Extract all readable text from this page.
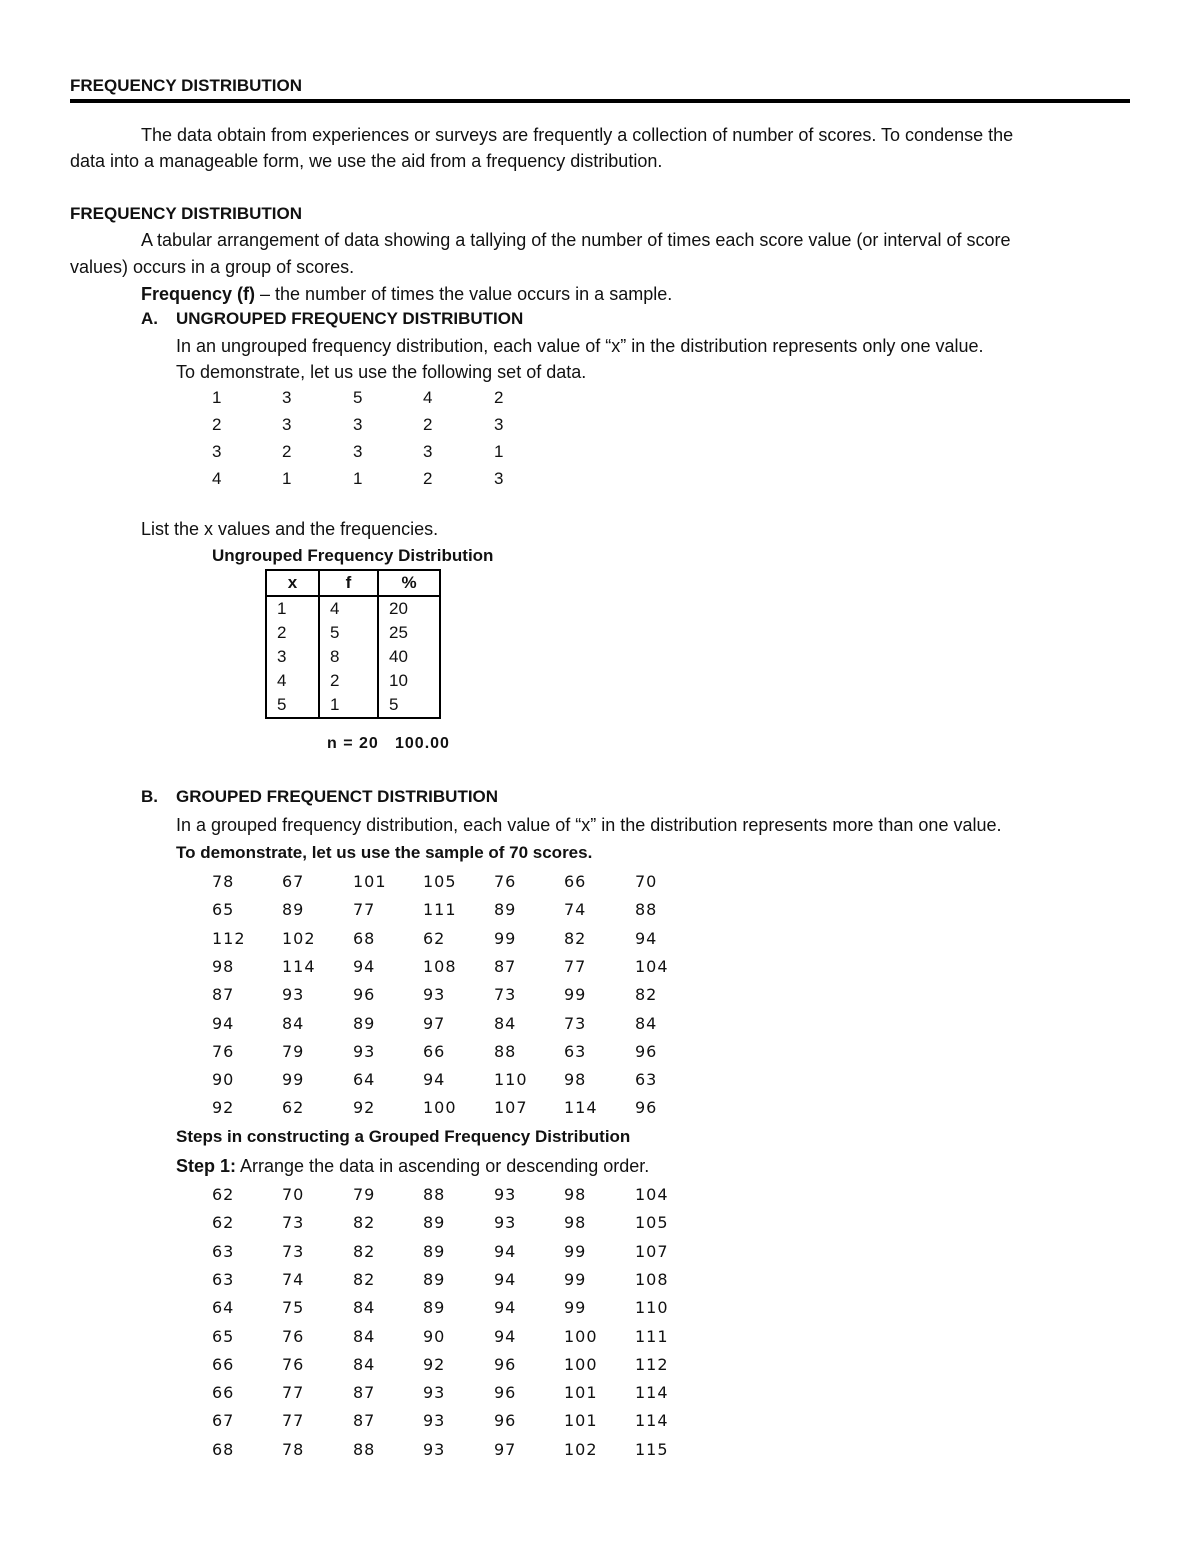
FREQUENCY DISTRIBUTION
The data obtain from experiences or surveys are frequently a collection of number of scores. To condense the
data into a manageable form, we use the aid from a frequency distribution.
FREQUENCY DISTRIBUTION
A tabular arrangement of data showing a tallying of the number of times each score value (or interval of score
values) occurs in a group of scores.
Frequency (f) – the number of times the value occurs in a sample.
A. UNGROUPED FREQUENCY DISTRIBUTION
In an ungrouped frequency distribution, each value of “x” in the distribution represents only one value.
To demonstrate, let us use the following set of data.
1	3	5	4	2
2	3	3	2	3
3	2	3	3	1
4	1	1	2	3
List the x values and the frequencies.
Ungrouped Frequency Distribution
x	f	%
1	4	20
2	5	25
3	8	40
4	2	10
5	1	5
n = 20 100.00
B. GROUPED FREQUENCT DISTRIBUTION
In a grouped frequency distribution, each value of “x” in the distribution represents more than one value.
To demonstrate, let us use the sample of 70 scores.
78	67	101 105 76	66	70
65	89	77	111 89	74	88
112 102 68	62	99	82	94
98	114 94	108 87	77	104
87	93	96	93	73	99	82
94	84	89	97	84	73	84
76	79	93	66	88	63	96
90	99	64	94	110 98	63
92	62	92	100 107 114 96
Steps in constructing a Grouped Frequency Distribution
Step 1: Arrange the data in ascending or descending order.
62	70	79	88	93	98	104
62	73	82	89	93	98	105
63	73	82	89	94	99	107
63	74	82	89	94	99	108
64	75	84	89	94	99	110
65	76	84	90	94	100 111
66	76	84	92	96	100 112
66	77	87	93	96	101 114
67	77	87	93	96	101 114
68	78	88	93	97	102 115
